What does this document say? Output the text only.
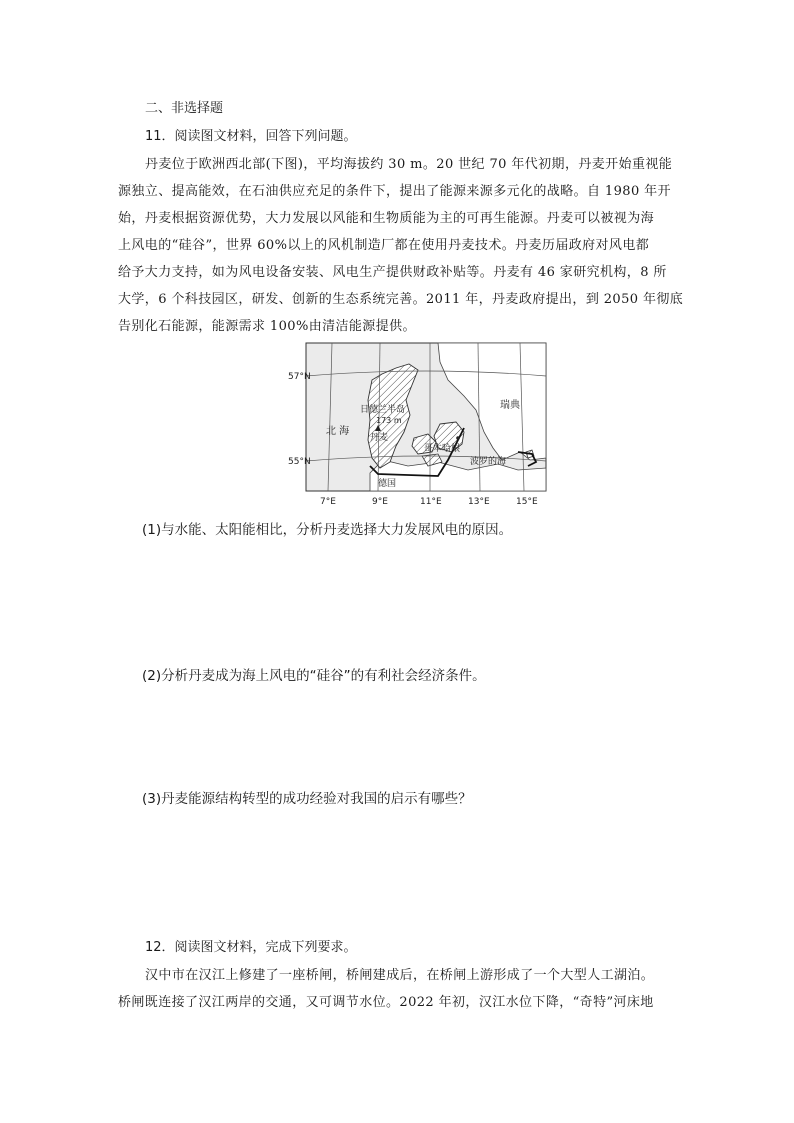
二、非选择题
11．阅读图文材料，回答下列问题。
丹麦位于欧洲西北部(下图)，平均海拔约 30 m。20 世纪 70 年代初期，丹麦开始重视能
源独立、提高能效，在石油供应充足的条件下，提出了能源来源多元化的战略。自 1980 年开
始，丹麦根据资源优势，大力发展以风能和生物质能为主的可再生能源。丹麦可以被视为海
上风电的“硅谷”，世界 60%以上的风机制造厂都在使用丹麦技术。丹麦历届政府对风电都
给予大力支持，如为风电设备安装、风电生产提供财政补贴等。丹麦有 46 家研究机构，8 所
大学，6 个科技园区，研发、创新的生态系统完善。2011 年，丹麦政府提出，到 2050 年彻底
告别化石能源，能源需求 100%由清洁能源提供。
57°N
55°N
7°E	9°E	11°E	13°E	15°E
日德兰半岛
173 m
丹麦
北 海
瑞典
哥本哈根
波罗的海
德国
(1)与水能、太阳能相比，分析丹麦选择大力发展风电的原因。
(2)分析丹麦成为海上风电的“硅谷”的有利社会经济条件。
(3)丹麦能源结构转型的成功经验对我国的启示有哪些？
12．阅读图文材料，完成下列要求。
汉中市在汉江上修建了一座桥闸，桥闸建成后，在桥闸上游形成了一个大型人工湖泊。
桥闸既连接了汉江两岸的交通，又可调节水位。2022 年初，汉江水位下降，“奇特”河床地
